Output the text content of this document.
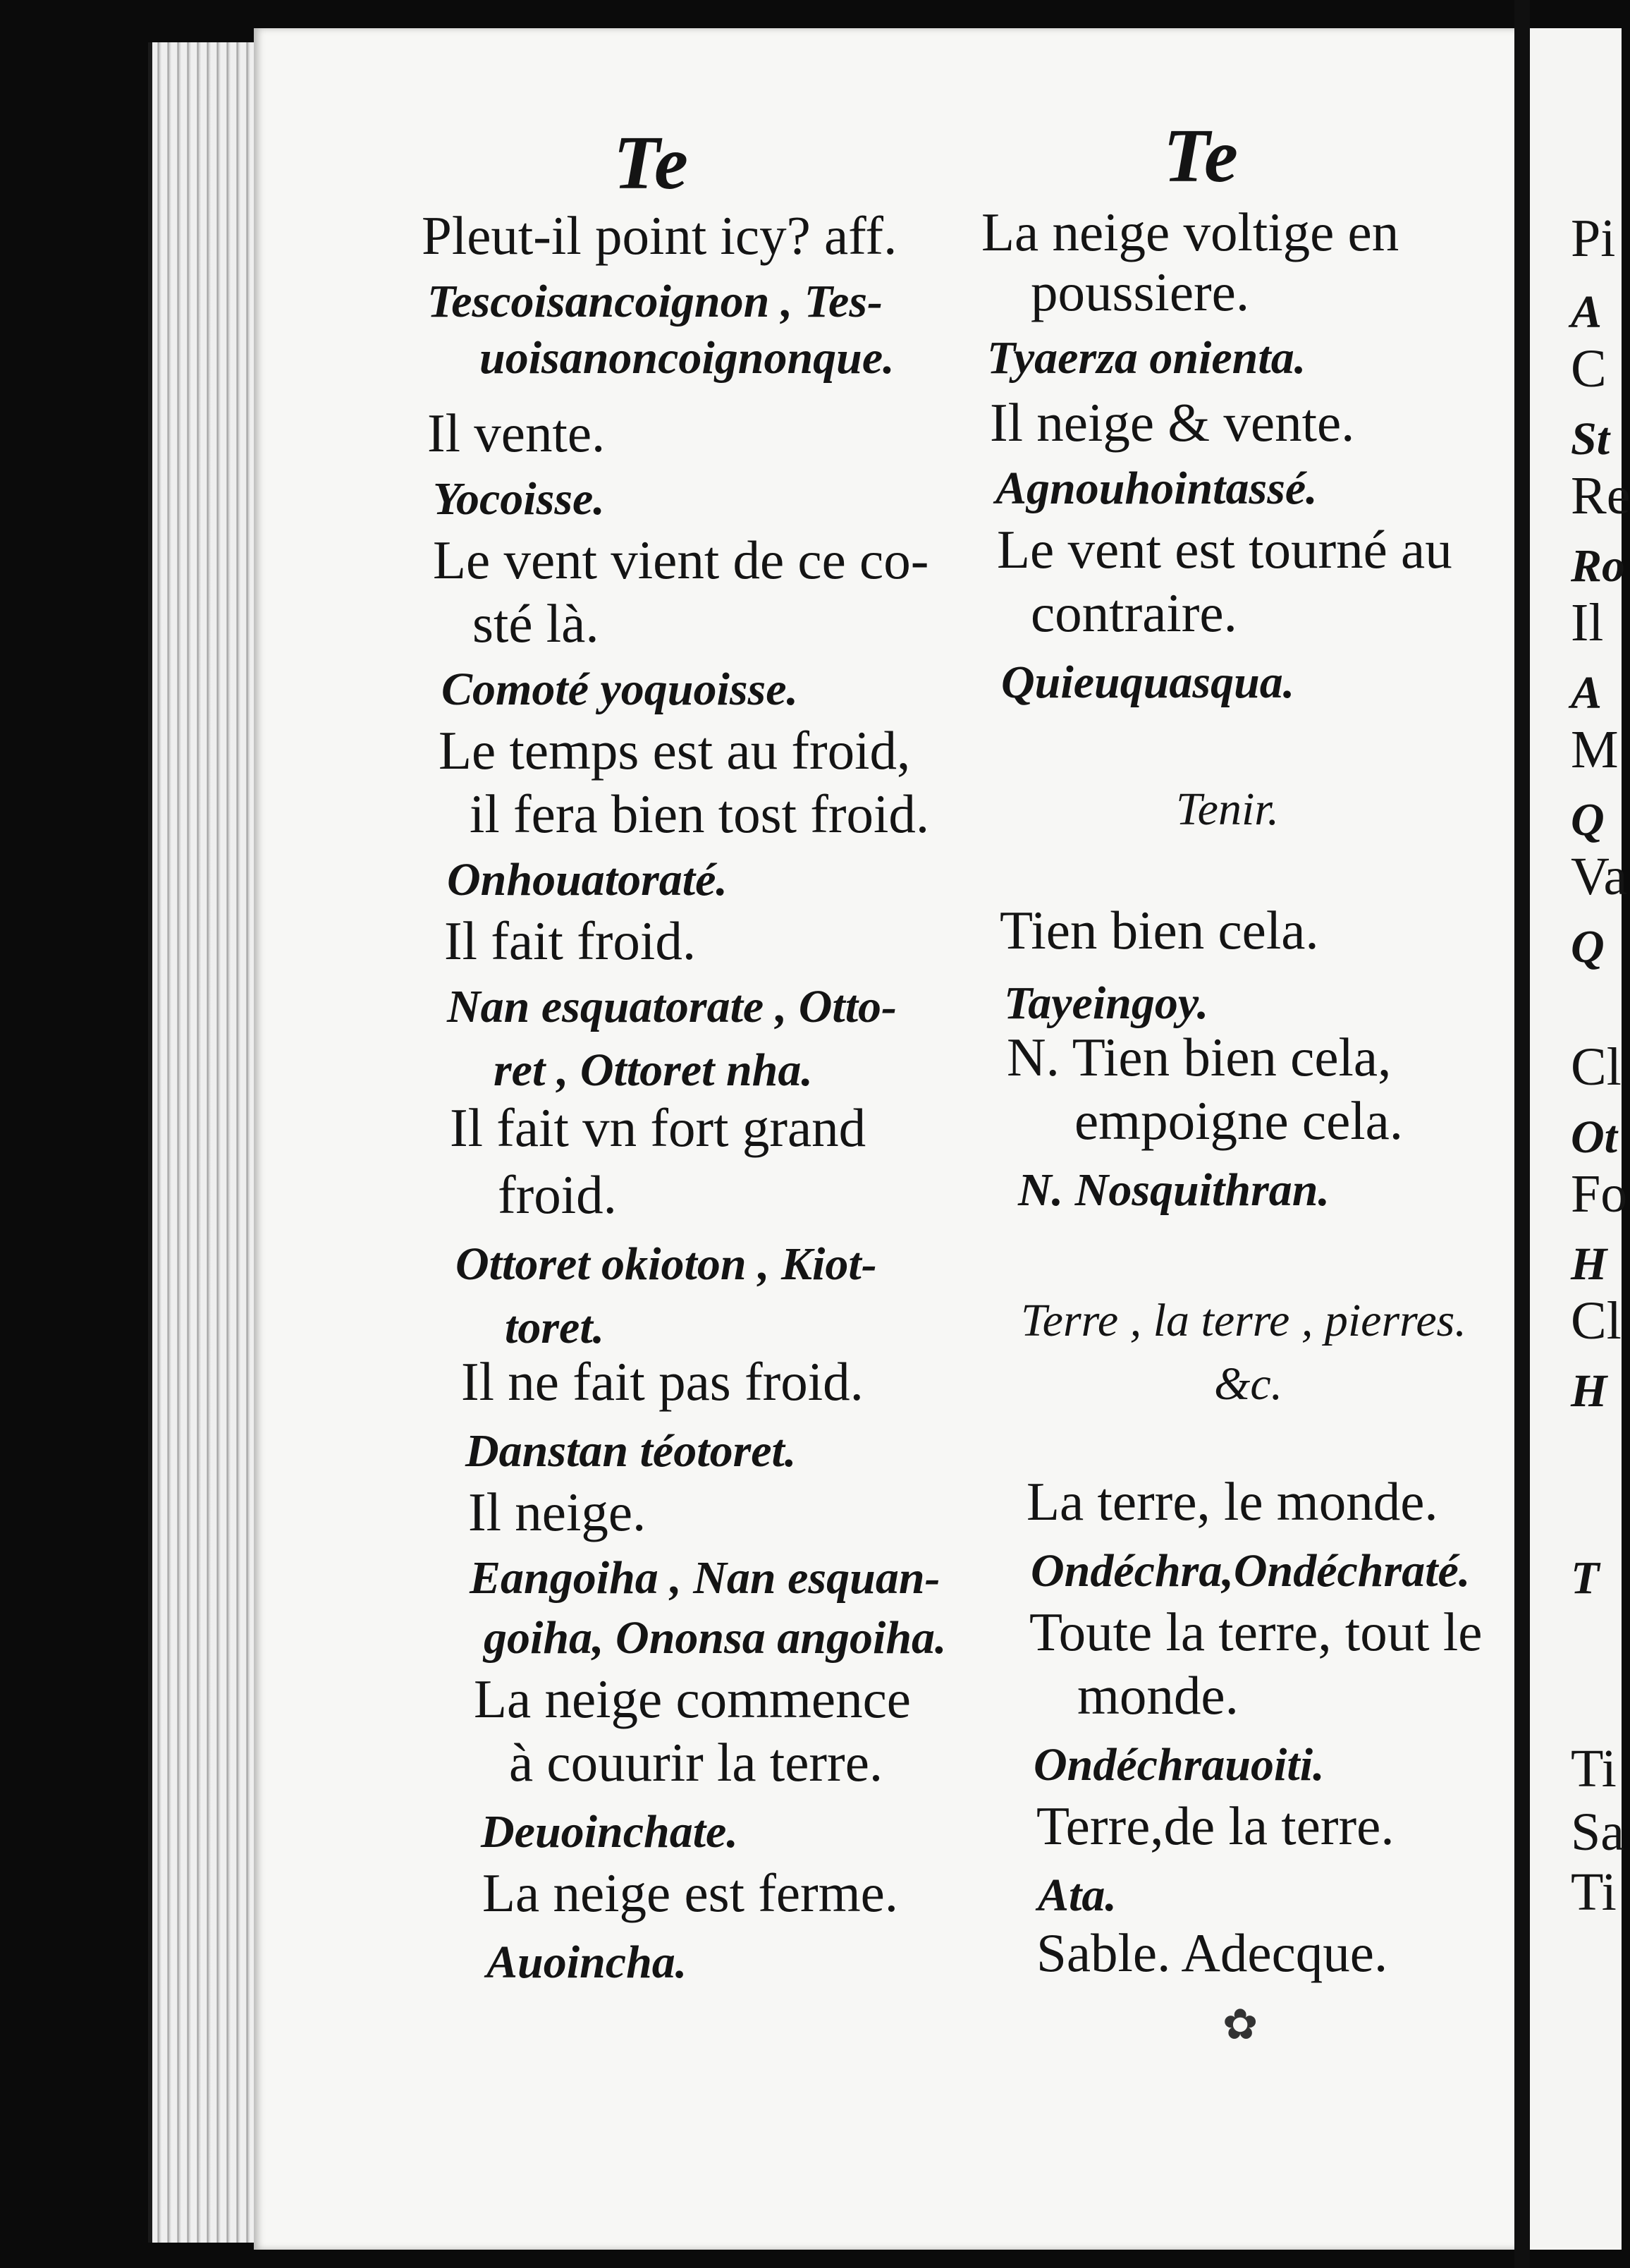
Te	Te
Pleut-il point icy? aff.
Tescoisancoignon , Tes-
uoisanoncoignonque.
Il vente.
Yocoisse.
Le vent vient de ce co-
sté là.
Comoté yoquoisse.
Le temps est au froid,
il fera bien tost froid.
Onhouatoraté.
Il fait froid.
Nan esquatorate , Otto-
ret , Ottoret nha.
Il fait vn fort grand
froid.
Ottoret okioton , Kiot-
toret.
Il ne fait pas froid.
Danstan téotoret.
Il neige.
Eangoiha , Nan esquan-
goiha, Ononsa angoiha.
La neige commence
à couurir la terre.
Deuoinchate.
La neige est ferme.
Auoincha.
La neige voltige en
poussiere.
Tyaerza onienta.
Il neige & vente.
Agnouhointassé.
Le vent est tourné au
contraire.
Quieuquasqua.
Tenir.
Tien bien cela.
Tayeingoy.
N. Tien bien cela,
empoigne cela.
N. Nosquithran.
Terre , la terre , pierres.
&c.
La terre, le monde.
Ondéchra,Ondéchraté.
Toute la terre, tout le
monde.
Ondéchrauoiti.
Terre,de la terre.
Ata.
Sable. Adecque.
✿
Pi
A
C
St
Re
Ro
Il
A
M
Q
Va
Q
Cl
Ot
Fo
H
Cl
H
T
Ti
Sa
Ti
